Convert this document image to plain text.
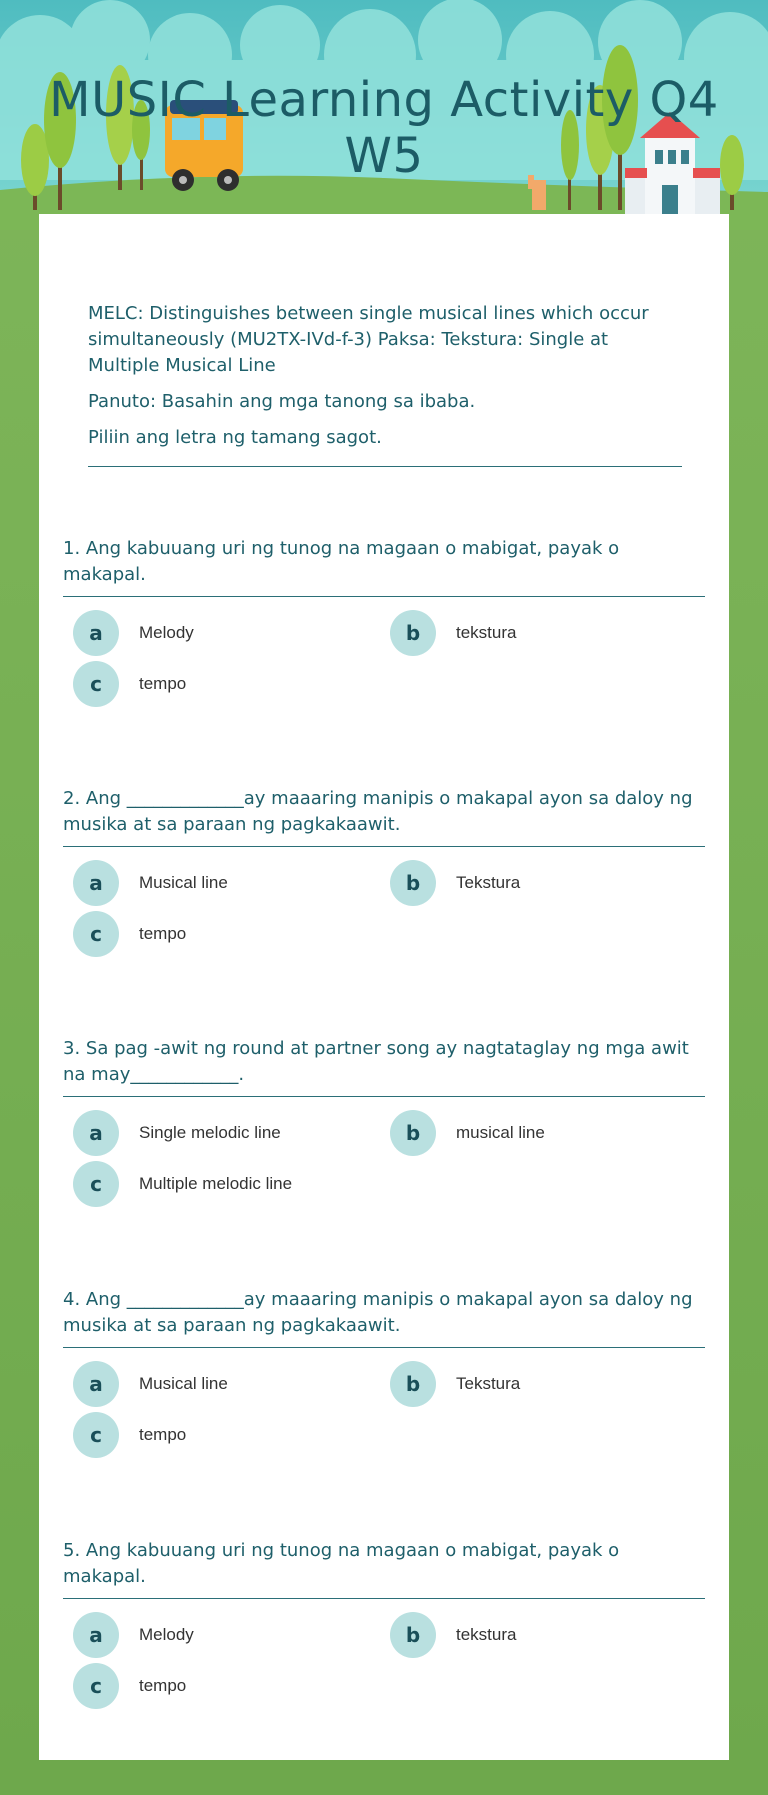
MUSIC Learning Activity Q4 W5

MELC: Distinguishes between single musical lines which occur simultaneously (MU2TX-IVd-f-3) Paksa: Tekstura: Single at Multiple Musical Line

Panuto: Basahin ang mga tanong sa ibaba.

Piliin ang letra ng tamang sagot.

1. Ang kabuuang uri ng tunog na magaan o mabigat, payak o makapal.
a	Melody	b	tekstura
c	tempo
2. Ang _____________ay maaaring manipis o makapal ayon sa daloy ng musika at sa paraan ng pagkakaawit.
a	Musical line	b	Tekstura
c	tempo
3. Sa pag -awit ng round at partner song ay nagtataglay ng mga awit na may____________.
a	Single melodic line	b	musical line
c	Multiple melodic line
4. Ang _____________ay maaaring manipis o makapal ayon sa daloy ng musika at sa paraan ng pagkakaawit.
a	Musical line	b	Tekstura
c	tempo
5. Ang kabuuang uri ng tunog na magaan o mabigat, payak o makapal.
a	Melody	b	tekstura
c	tempo
